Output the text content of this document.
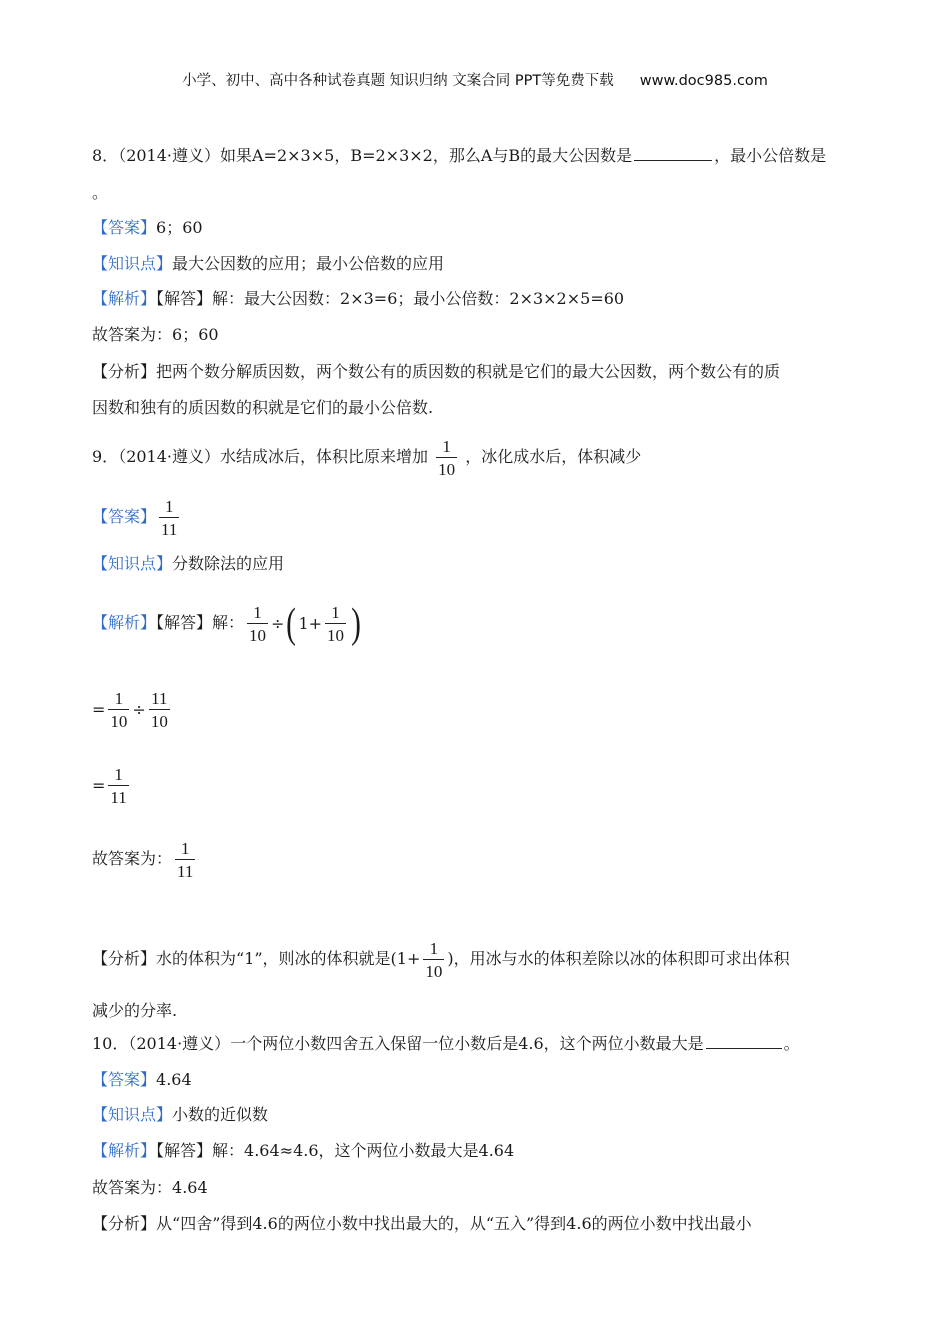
小学、初中、高中各种试卷真题 知识归纳 文案合同 PPT等免费下载 www.doc985.com
8．（2014·遵义）如果A=2×3×5，B=2×3×2，那么A与B的最大公因数是	，最小公倍数是
。
【答案】6；60
【知识点】最大公因数的应用；最小公倍数的应用
【解析】【解答】解：最大公因数：2×3=6；最小公倍数：2×3×2×5=60
故答案为：6；60
【分析】把两个数分解质因数，两个数公有的质因数的积就是它们的最大公因数，两个数公有的质
因数和独有的质因数的积就是它们的最小公倍数.
9．（2014·遵义）水结成冰后，体积比原来增加 $\frac{1}{10}$ ，冰化成水后，体积减少
【答案】 $\frac{1}{11}$
【知识点】分数除法的应用
【解析】【解答】解： $\frac{1}{10}$ ÷( $1+ \frac{1}{10}$ )
= $\frac{1}{10} \div \frac{11}{10}$
= $\frac{1}{11}$
故答案为： $\frac{1}{11}$
【分析】水的体积为“1”，则冰的体积就是($1+ \frac{1}{10}$ )，用冰与水的体积差除以冰的体积即可求出体积
减少的分率.
10．（2014·遵义）一个两位小数四舍五入保留一位小数后是4.6，这个两位小数最大是	。
【答案】4.64
【知识点】小数的近似数
【解析】【解答】解：4.64≈4.6，这个两位小数最大是4.64
故答案为：4.64
【分析】从“四舍”得到4.6的两位小数中找出最大的，从“五入”得到4.6的两位小数中找出最小
